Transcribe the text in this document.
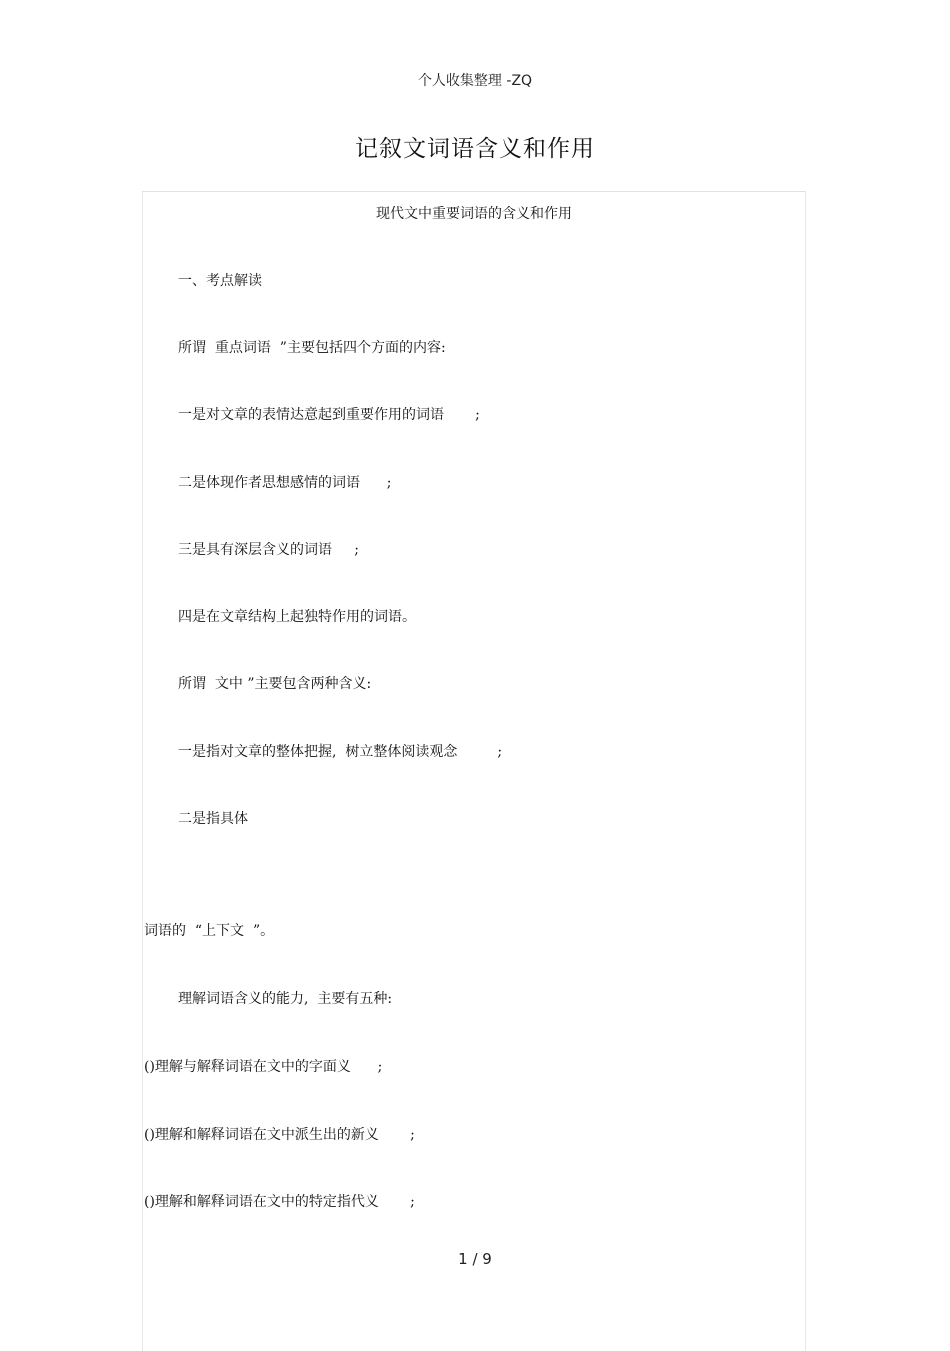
个人收集整理 -ZQ
记叙文词语含义和作用
现代文中重要词语的含义和作用
一、考点解读
所谓  重点词语  ”主要包括四个方面的内容:
一是对文章的表情达意起到重要作用的词语       ;
二是体现作者思想感情的词语      ;
三是具有深层含义的词语     ;
四是在文章结构上起独特作用的词语。
所谓  文中 ”主要包含两种含义:
一是指对文章的整体把握,  树立整体阅读观念         ;
二是指具体
词语的  “上下文  ”。
理解词语含义的能力,  主要有五种:
()理解与解释词语在文中的字面义      ;
()理解和解释词语在文中派生出的新义       ;
()理解和解释词语在文中的特定指代义       ;
1 / 9
